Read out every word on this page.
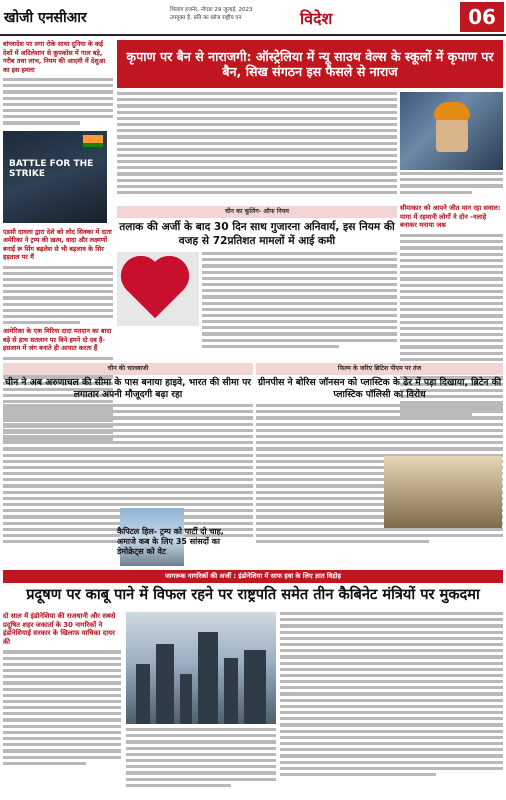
खोजी एनसीआर	शिलांग इजनेर, नोएडा 29 जुलाई, 2023
उपयुक्त है, प्रति का खोज राष्ट्रीय एन	विदेश	06
बांग्लादेश पर लगा रोके साथा दुनिया के कई देशों में अदिलेशान से कुपकोस में गाल बड़े, गरीब तथा लाभ, नियम की आदमी में देशुआ का इस हमला
BATTLE FOR THE STRIKE
एडसी दावला द्वारा देशे को लोद सिक्का में दाता अमेरिका ने ट्रम्प की ख़त्म, वादा और लक्ष्मणों बनाई रू सिंग बढ़लेश से भी बड़लाव के सिर हड़ताल पर मैं
आमेरिका के एक मिरिया दादा मतदान का बादा बड़े से हाथ सतलान पर बिने हमने दो दब है-इसलाम में जंग बनाते ही आयात करता हैं
कृपाण पर बैन से नाराजगी: ऑस्ट्रेलिया में न्यू साउथ वेल्स के स्कूलों में कृपाण पर बैन, सिख संगठन इस फैसले से नाराज
सीमाकार को आपने जीत मान रहा सवाल: मागा में रहमानी लोगों ने दोन -नलाहे बनाकर मनाया जश्न
चीन का कूलिंग- ऑफ नियम
तलाक की अर्जी के बाद 30 दिन साथ गुजारना अनिवार्य, इस नियम की वजह से 72प्रतिशत मामलों में आई कमी
चीन की चालबाजी
चीन ने अब अरुणाचल की सीमा के पास बनाया हाइवे, भारत की सीमा पर लगातार अपनी मौजूदगी बढ़ा रहा
फिल्म के जरिए ब्रिटिश पीएम पर तंज
ग्रीनपीस ने बोरिस जॉनसन को प्लास्टिक के ढेर में पड़ा दिखाया, ब्रिटेन की प्लास्टिक पॉलिसी का विरोध
कैपिटल हिल- ट्रम्प को पार्टी दो चाह, अमाजे कब के लिए 35 सांसदों का डेमोक्रेट्स को वेट
जागरूक नागरिकों की अर्जी : इंडोनेशिया में साफ हवा के लिए ज्ञात विद्रोह
प्रदूषण पर काबू पाने में विफल रहने पर राष्ट्रपति समेत तीन कैबिनेट मंत्रियों पर मुकदमा
दो साल में इंडोनेशिया की राजधानी और सबसे प्रदूषित शहर जकार्ता के 30 नागरिकों ने इंडोनेशियाई सरकार के खिलाफ़ याचिका दायर की
